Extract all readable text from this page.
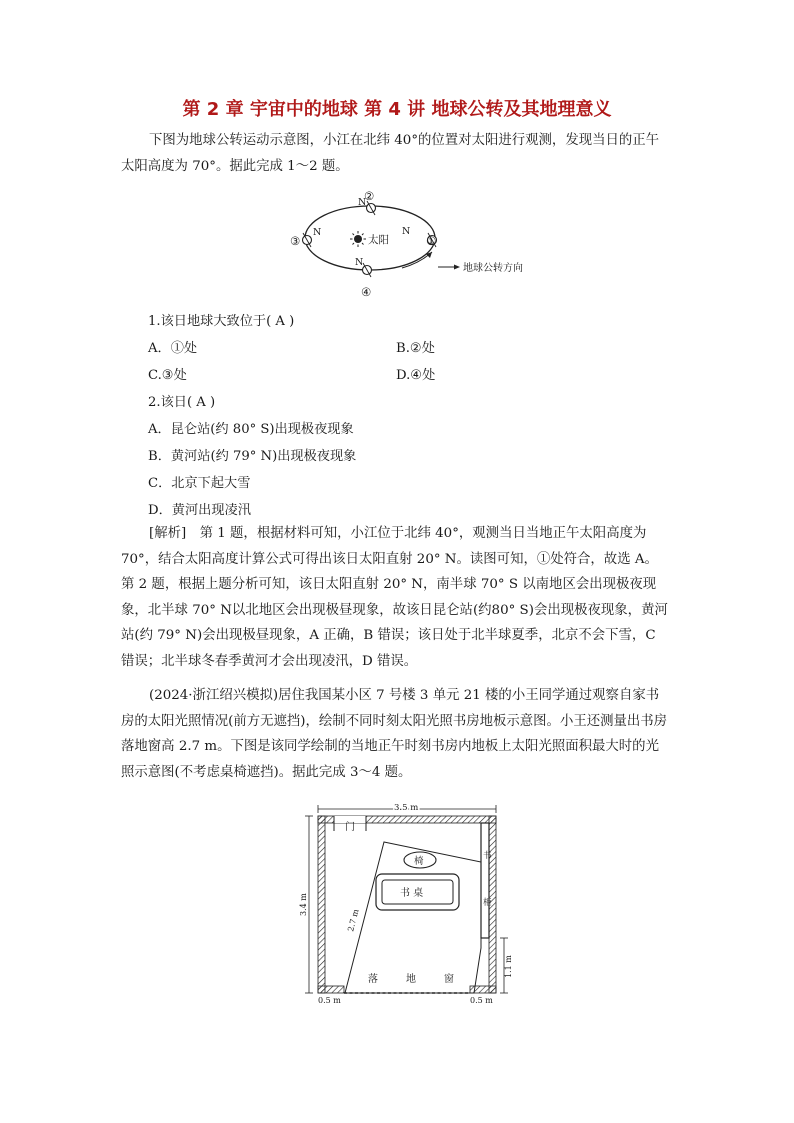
第 2 章 宇宙中的地球 第 4 讲 地球公转及其地理意义

下图为地球公转运动示意图，小江在北纬 40°的位置对太阳进行观测，发现当日的正午太阳高度为 70°。据此完成 1～2 题。

太阳
N
①
N
②
N
③
N
④
地球公转方向
1.该日地球大致位于( A )
A．①处	B.②处
C.③处	D.④处
2.该日( A )
A．昆仑站(约 80° S)出现极夜现象
B．黄河站(约 79° N)出现极夜现象
C．北京下起大雪
D．黄河出现凌汛

[解析]　第 1 题，根据材料可知，小江位于北纬 40°，观测当日当地正午太阳高度为 70°，结合太阳高度计算公式可得出该日太阳直射 20° N。读图可知，①处符合，故选 A。第 2 题，根据上题分析可知，该日太阳直射 20° N，南半球 70° S 以南地区会出现极夜现象，北半球 70° N以北地区会出现极昼现象，故该日昆仑站(约80° S)会出现极夜现象，黄河站(约 79° N)会出现极昼现象，A 正确，B 错误；该日处于北半球夏季，北京不会下雪，C 错误；北半球冬春季黄河才会出现凌汛，D 错误。

(2024·浙江绍兴模拟)居住我国某小区 7 号楼 3 单元 21 楼的小王同学通过观察自家书房的太阳光照情况(前方无遮挡)，绘制不同时刻太阳光照书房地板示意图。小王还测量出书房落地窗高 2.7 m。下图是该同学绘制的当地正午时刻书房内地板上太阳光照面积最大时的光照示意图(不考虑桌椅遮挡)。据此完成 3～4 题。

3.5 m
3.4 m
门
书
柜
2.7 m
椅
书 桌
落	地	窗
0.5 m	0.5 m
1.1 m
